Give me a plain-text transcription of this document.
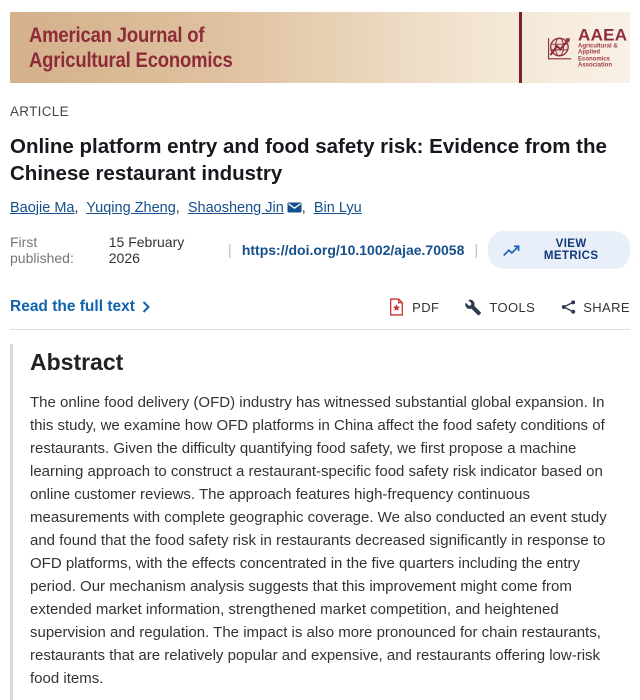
American Journal of
Agricultural Economics
AAEA
Agricultural & Applied
Economics Association
ARTICLE
Online platform entry and food safety risk: Evidence from the Chinese restaurant industry
Baojie Ma, Yuqing Zheng, Shaosheng Jin , Bin Lyu
First published:
15 February 2026	| https://doi.org/10.1002/ajae.70058 |	VIEW METRICS
Read the full text	PDF	TOOLS	SHARE
Abstract

The online food delivery (OFD) industry has witnessed substantial global expansion. In this study, we examine how OFD platforms in China affect the food safety conditions of restaurants. Given the difficulty quantifying food safety, we first propose a machine learning approach to construct a restaurant-specific food safety risk indicator based on online customer reviews. The approach features high-frequency continuous measurements with complete geographic coverage. We also conducted an event study and found that the food safety risk in restaurants decreased significantly in response to OFD platforms, with the effects concentrated in the five quarters including the entry period. Our mechanism analysis suggests that this improvement might come from extended market information, strengthened market competition, and heightened supervision and regulation. The impact is also more pronounced for chain restaurants, restaurants that are relatively popular and expensive, and restaurants offering low-risk food items.
